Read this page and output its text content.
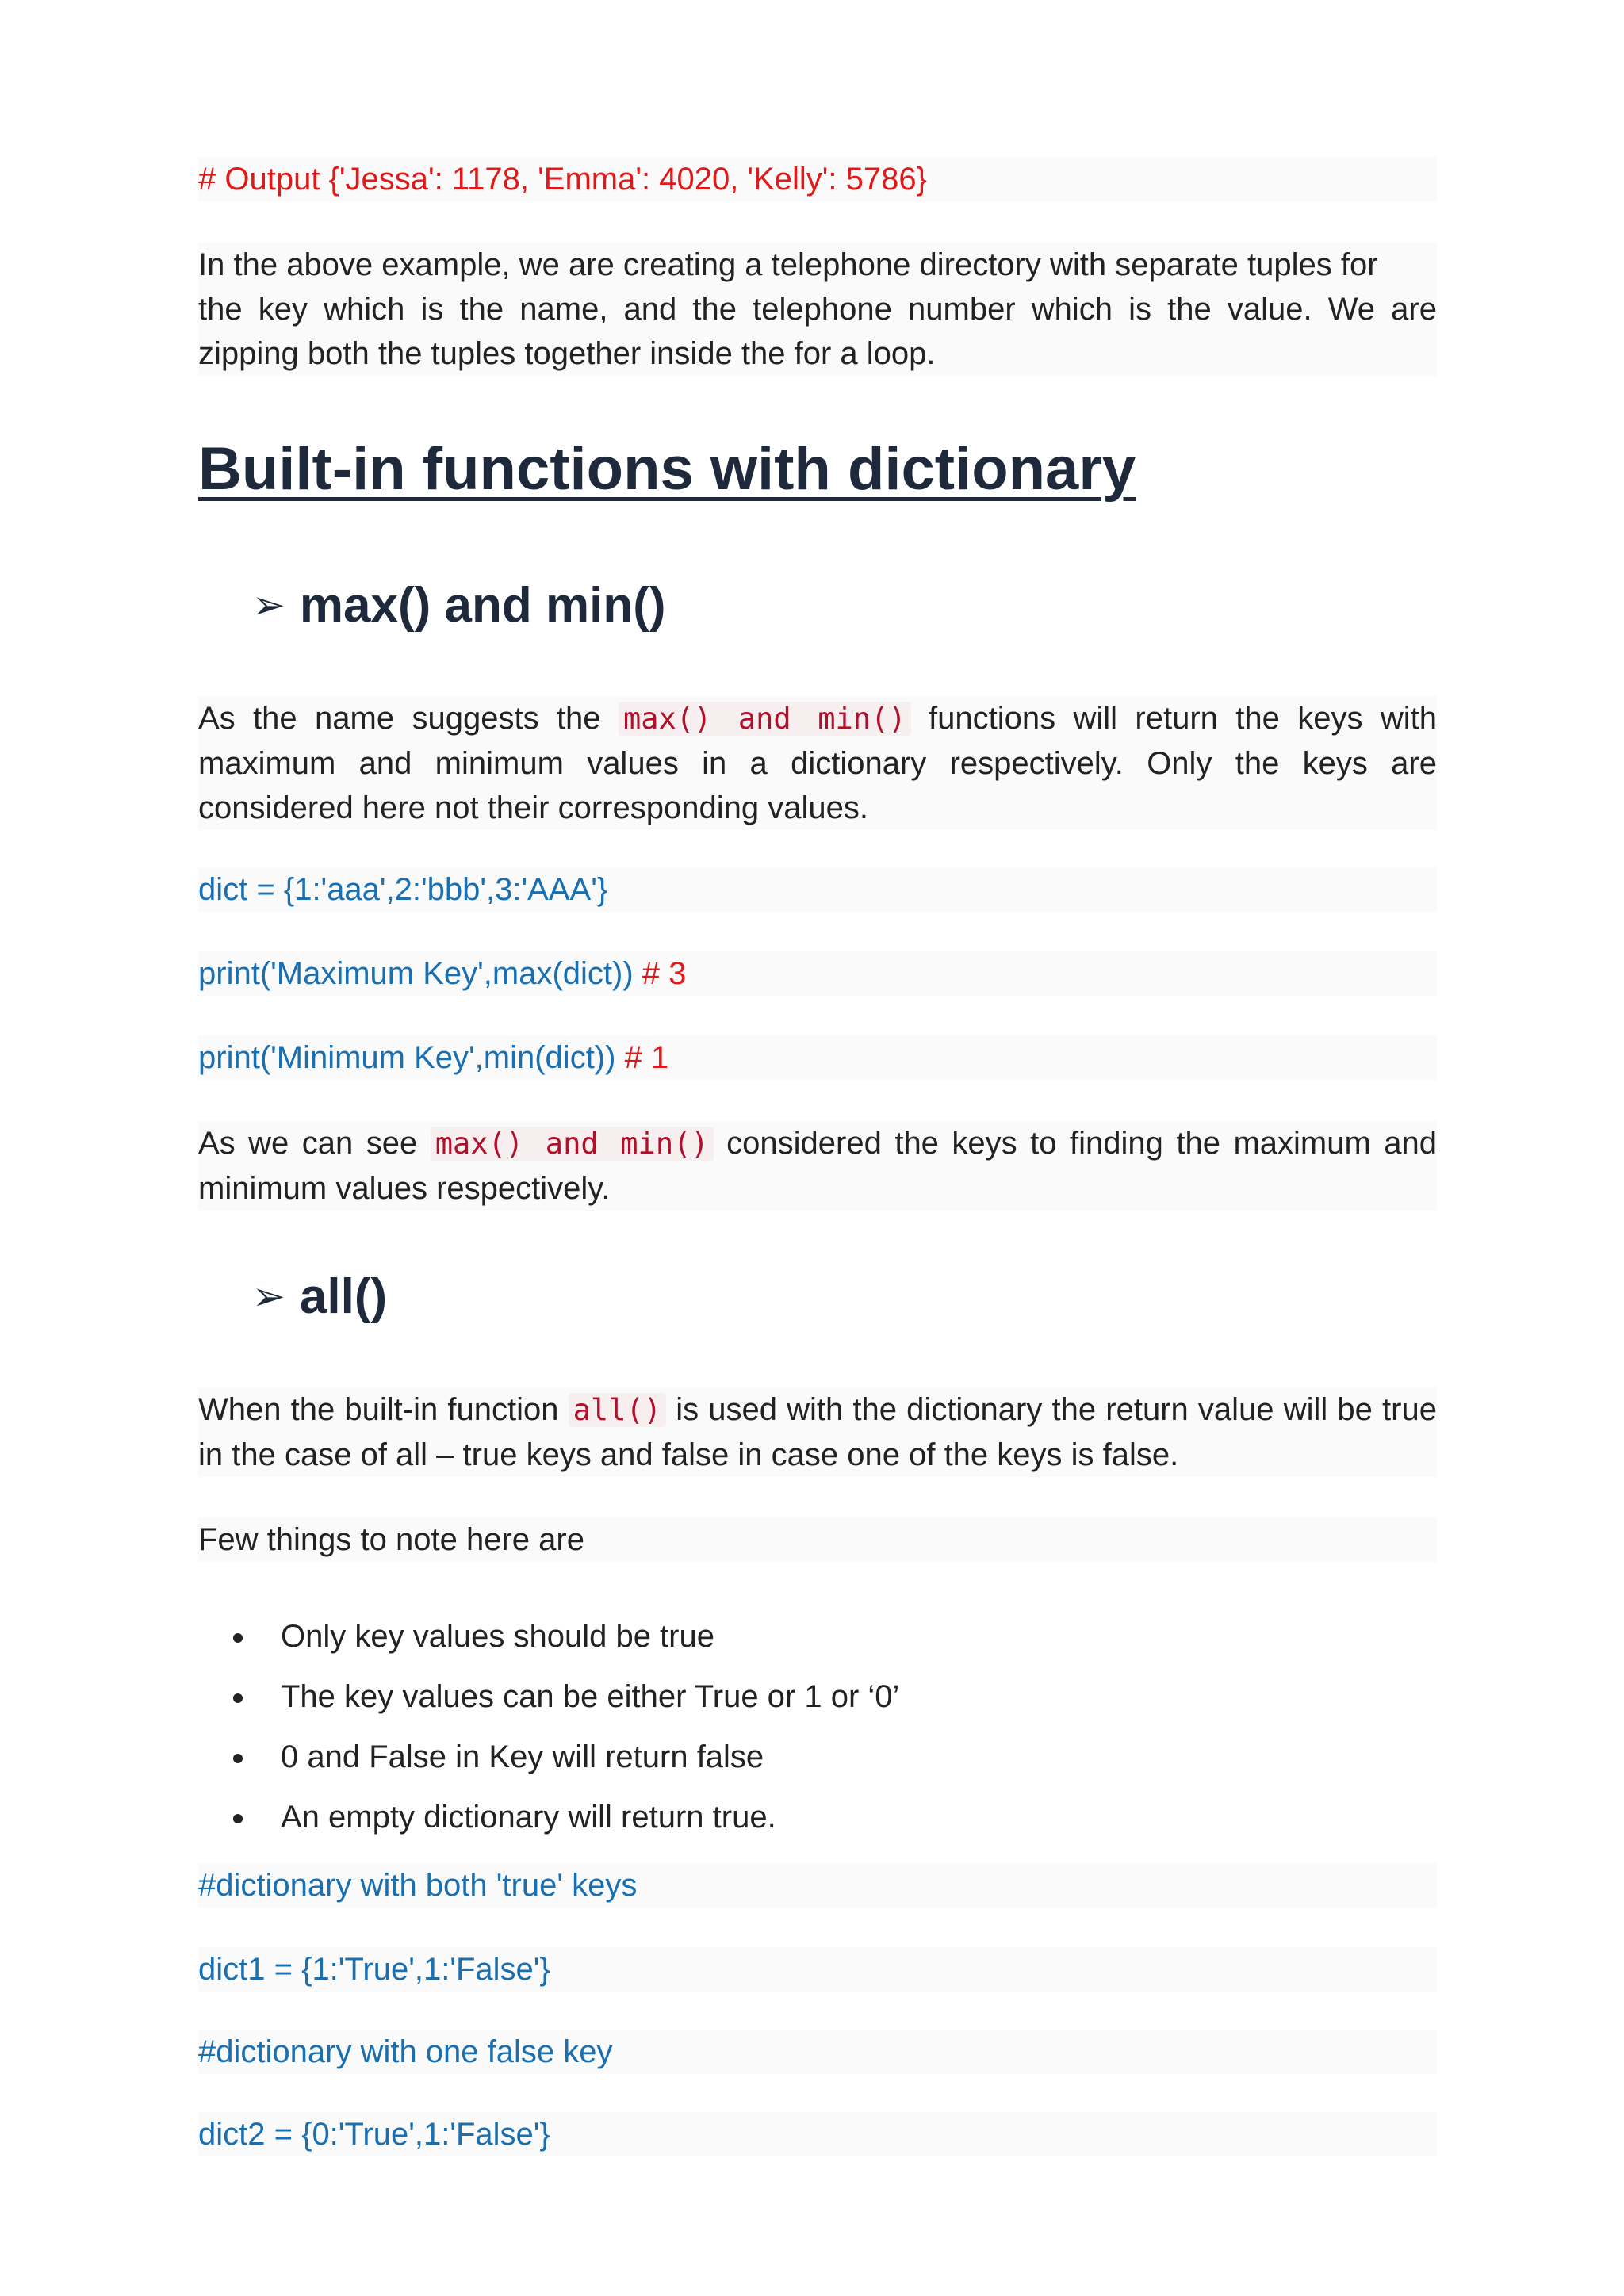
# Output {'Jessa': 1178, 'Emma': 4020, 'Kelly': 5786}
In the above example, we are creating a telephone directory with separate tuples for
the key which is the name, and the telephone number which is the value. We are
zipping both the tuples together inside the for a loop.
Built-in functions with dictionary
➢ max() and min()
As the name suggests the max() and min() functions will return the keys with maximum and minimum values in a dictionary respectively. Only the keys are considered here not their corresponding values.
dict = {1:'aaa',2:'bbb',3:'AAA'}
print('Maximum Key',max(dict)) # 3
print('Minimum Key',min(dict)) # 1
As we can see max() and min() considered the keys to finding the maximum and minimum values respectively.
➢ all()
When the built-in function all() is used with the dictionary the return value will be true in the case of all – true keys and false in case one of the keys is false.
Few things to note here are
Only key values should be true
The key values can be either True or 1 or ‘0’
0 and False in Key will return false
An empty dictionary will return true.
#dictionary with both 'true' keys
dict1 = {1:'True',1:'False'}
#dictionary with one false key
dict2 = {0:'True',1:'False'}
